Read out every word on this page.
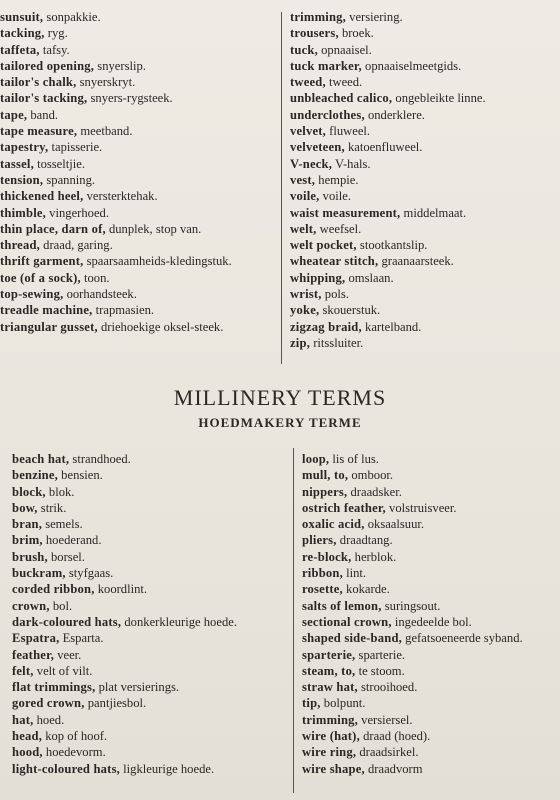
sunsuit, sonpakkie.
tacking, ryg.
taffeta, tafsy.
tailored opening, snyerslip.
tailor's chalk, snyerskryt.
tailor's tacking, snyers-rygsteek.
tape, band.
tape measure, meetband.
tapestry, tapisserie.
tassel, tosseltjie.
tension, spanning.
thickened heel, versterktehak.
thimble, vingerhoed.
thin place, darn of, dunplek, stop van.
thread, draad, garing.
thrift garment, spaarsaamheids-kledingstuk.
toe (of a sock), toon.
top-sewing, oorhandsteek.
treadle machine, trapmasien.
triangular gusset, driehoekige oksel-steek.
trimming, versiering.
trousers, broek.
tuck, opnaaisel.
tuck marker, opnaaiselmeetgids.
tweed, tweed.
unbleached calico, ongebleikte linne.
underclothes, onderklere.
velvet, fluweel.
velveteen, katoenfluweel.
V-neck, V-hals.
vest, hempie.
voile, voile.
waist measurement, middelmaat.
welt, weefsel.
welt pocket, stootkantslip.
wheatear stitch, graanaarsteek.
whipping, omslaan.
wrist, pols.
yoke, skouerstuk.
zigzag braid, kartelband.
zip, ritssluiter.
MILLINERY TERMS
HOEDMAKERY TERME
beach hat, strandhoed.
benzine, bensien.
block, blok.
bow, strik.
bran, semels.
brim, hoederand.
brush, borsel.
buckram, styfgaas.
corded ribbon, koordlint.
crown, bol.
dark-coloured hats, donkerkleurige hoede.
Espatra, Esparta.
feather, veer.
felt, velt of vilt.
flat trimmings, plat versierings.
gored crown, pantjiesbol.
hat, hoed.
head, kop of hoof.
hood, hoedevorm.
light-coloured hats, ligkleurige hoede.
loop, lis of lus.
mull, to, omboor.
nippers, draadsker.
ostrich feather, volstruisveer.
oxalic acid, oksaalsuur.
pliers, draadtang.
re-block, herblok.
ribbon, lint.
rosette, kokarde.
salts of lemon, suringsout.
sectional crown, ingedeelde bol.
shaped side-band, gefatsoeneerde syband.
sparterie, sparterie.
steam, to, te stoom.
straw hat, strooihoed.
tip, bolpunt.
trimming, versiersel.
wire (hat), draad (hoed).
wire ring, draadsirkel.
wire shape, draadvorm
